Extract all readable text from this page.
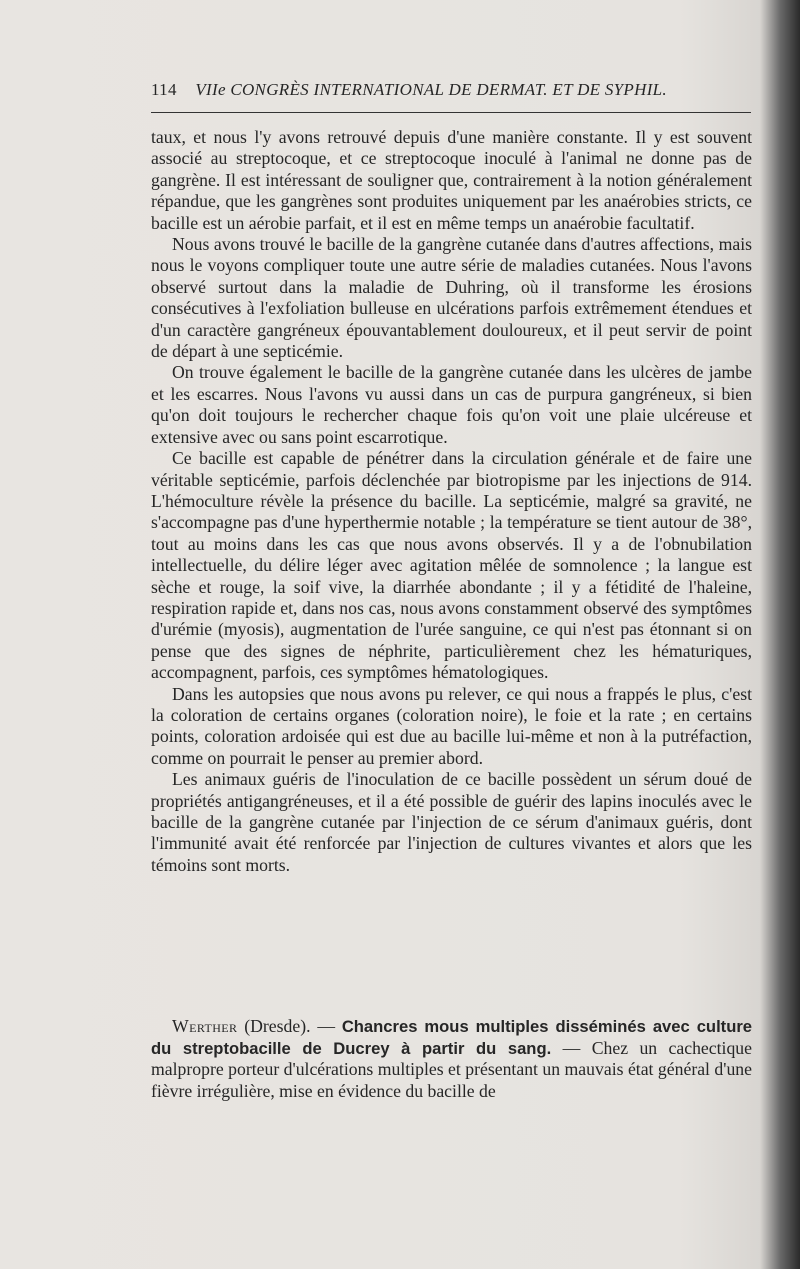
114 VIIe CONGRÈS INTERNATIONAL DE DERMAT. ET DE SYPHIL.

taux, et nous l'y avons retrouvé depuis d'une manière constante. Il y est souvent associé au streptocoque, et ce streptocoque inoculé à l'animal ne donne pas de gangrène. Il est intéressant de souligner que, contrairement à la notion généralement répandue, que les gangrènes sont produites uniquement par les anaérobies stricts, ce bacille est un aérobie parfait, et il est en même temps un anaérobie facultatif.

Nous avons trouvé le bacille de la gangrène cutanée dans d'autres affections, mais nous le voyons compliquer toute une autre série de maladies cutanées. Nous l'avons observé surtout dans la maladie de Duhring, où il transforme les érosions consécutives à l'exfoliation bulleuse en ulcérations parfois extrêmement étendues et d'un caractère gangréneux épouvantablement douloureux, et il peut servir de point de départ à une septicémie.

On trouve également le bacille de la gangrène cutanée dans les ulcères de jambe et les escarres. Nous l'avons vu aussi dans un cas de purpura gangréneux, si bien qu'on doit toujours le rechercher chaque fois qu'on voit une plaie ulcéreuse et extensive avec ou sans point escarrotique.

Ce bacille est capable de pénétrer dans la circulation générale et de faire une véritable septicémie, parfois déclenchée par biotropisme par les injections de 914. L'hémoculture révèle la présence du bacille. La septicémie, malgré sa gravité, ne s'accompagne pas d'une hyperthermie notable ; la température se tient autour de 38°, tout au moins dans les cas que nous avons observés. Il y a de l'obnubilation intellectuelle, du délire léger avec agitation mêlée de somnolence ; la langue est sèche et rouge, la soif vive, la diarrhée abondante ; il y a fétidité de l'haleine, respiration rapide et, dans nos cas, nous avons constamment observé des symptômes d'urémie (myosis), augmentation de l'urée sanguine, ce qui n'est pas étonnant si on pense que des signes de néphrite, particulièrement chez les hématuriques, accompagnent, parfois, ces symptômes hématologiques.

Dans les autopsies que nous avons pu relever, ce qui nous a frappés le plus, c'est la coloration de certains organes (coloration noire), le foie et la rate ; en certains points, coloration ardoisée qui est due au bacille lui-même et non à la putréfaction, comme on pourrait le penser au premier abord.

Les animaux guéris de l'inoculation de ce bacille possèdent un sérum doué de propriétés antigangréneuses, et il a été possible de guérir des lapins inoculés avec le bacille de la gangrène cutanée par l'injection de ce sérum d'animaux guéris, dont l'immunité avait été renforcée par l'injection de cultures vivantes et alors que les témoins sont morts.

Werther (Dresde). — Chancres mous multiples disséminés avec culture du streptobacille de Ducrey à partir du sang. — Chez un cachectique malpropre porteur d'ulcérations multiples et présentant un mauvais état général d'une fièvre irrégulière, mise en évidence du bacille de
